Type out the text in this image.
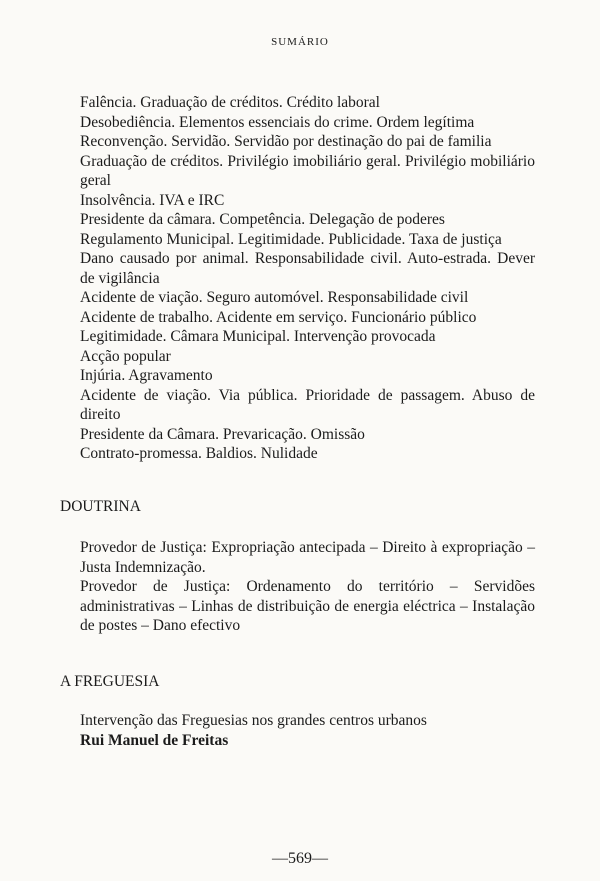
SUMÁRIO

Falência. Graduação de créditos. Crédito laboral

Desobediência. Elementos essenciais do crime. Ordem legítima

Reconvenção. Servidão. Servidão por destinação do pai de familia

Graduação de créditos. Privilégio imobiliário geral. Privilégio mobiliário geral

Insolvência. IVA e IRC

Presidente da câmara. Competência. Delegação de poderes

Regulamento Municipal. Legitimidade. Publicidade. Taxa de justiça

Dano causado por animal. Responsabilidade civil. Auto-estrada. Dever de vigilância

Acidente de viação. Seguro automóvel. Responsabilidade civil

Acidente de trabalho. Acidente em serviço. Funcionário público

Legitimidade. Câmara Municipal. Intervenção provocada

Acção popular

Injúria. Agravamento

Acidente de viação. Via pública. Prioridade de passagem. Abuso de direito

Presidente da Câmara. Prevaricação. Omissão

Contrato-promessa. Baldios. Nulidade

DOUTRINA

Provedor de Justiça: Expropriação antecipada – Direito à expropriação – Justa Indemnização.

Provedor de Justiça: Ordenamento do território – Servidões administrativas – Linhas de distribuição de energia eléctrica – Instalação de postes – Dano efectivo

A FREGUESIA

Intervenção das Freguesias nos grandes centros urbanos

Rui Manuel de Freitas

—569—
